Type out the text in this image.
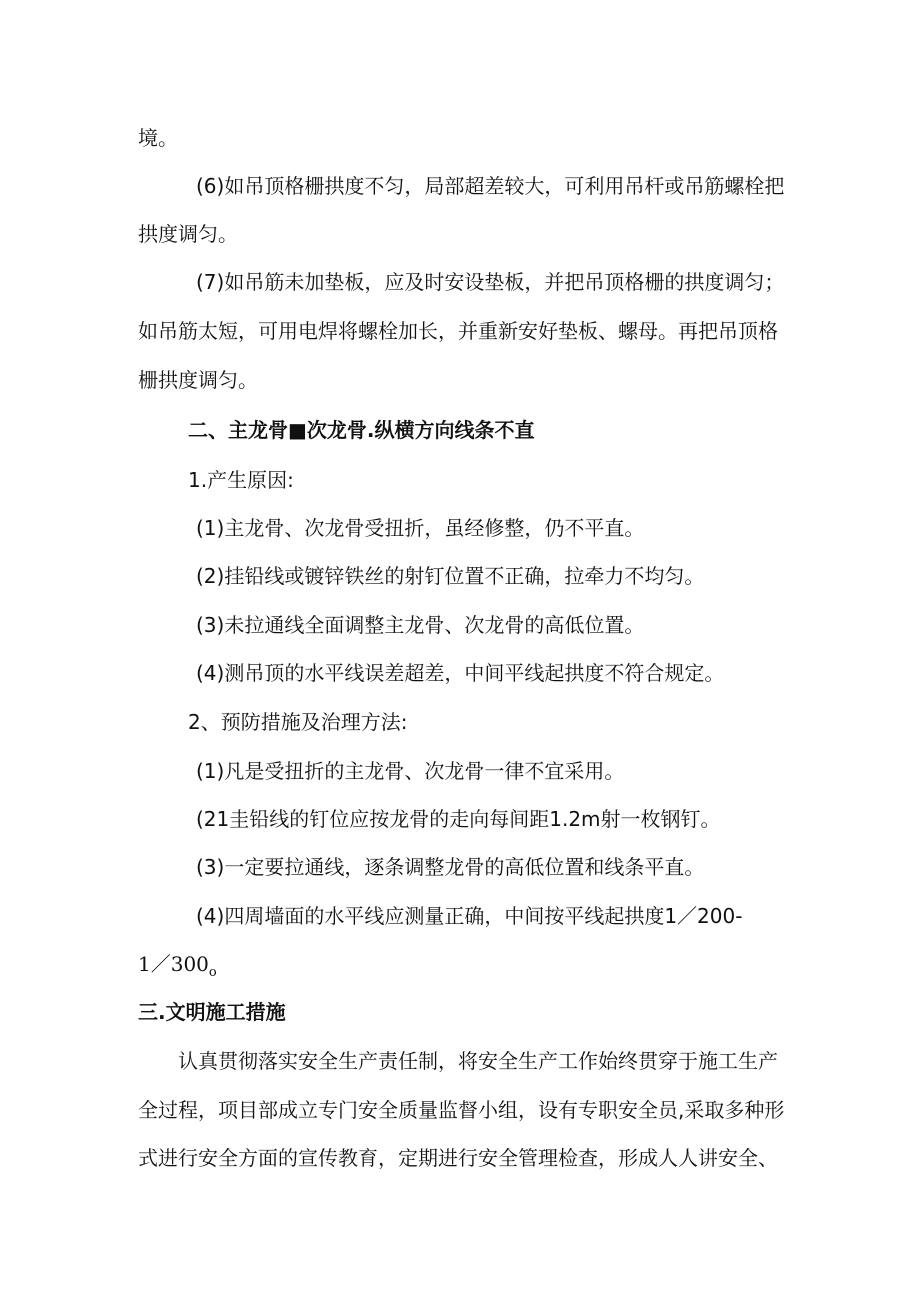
境。

(6)如吊顶格栅拱度不匀，局部超差较大，可利用吊杆或吊筋螺栓把

拱度调匀。

(7)如吊筋未加垫板，应及时安设垫板，并把吊顶格栅的拱度调匀；

如吊筋太短，可用电焊将螺栓加长，并重新安好垫板、螺母。再把吊顶格

栅拱度调匀。

二、主龙骨■次龙骨.纵横方向线条不直

1.产生原因:

(1)主龙骨、次龙骨受扭折，虽经修整，仍不平直。

(2)挂铅线或镀锌铁丝的射钉位置不正确，拉牵力不均匀。

(3)未拉通线全面调整主龙骨、次龙骨的高低位置。

(4)测吊顶的水平线误差超差，中间平线起拱度不符合规定。

2、预防措施及治理方法:

(1)凡是受扭折的主龙骨、次龙骨一律不宜采用。

(21圭铅线的钉位应按龙骨的走向每间距1.2m射一枚钢钉。

(3)一定要拉通线，逐条调整龙骨的高低位置和线条平直。

(4)四周墙面的水平线应测量正确，中间按平线起拱度1／200-

$1/300_o$

三.文明施工措施

认真贯彻落实安全生产责任制，将安全生产工作始终贯穿于施工生产

全过程，项目部成立专门安全质量监督小组，设有专职安全员,采取多种形

式进行安全方面的宣传教育，定期进行安全管理检查，形成人人讲安全、
